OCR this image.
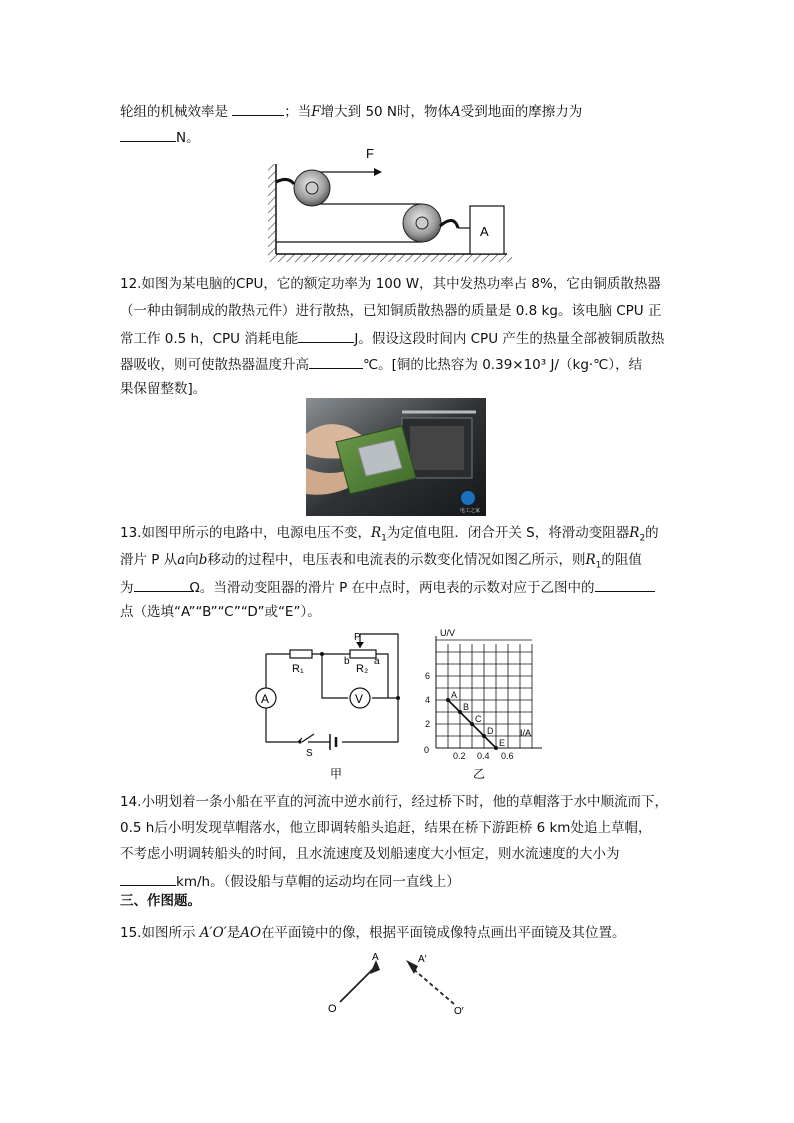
轮组的机械效率是	；当F增大到 50 N时，物体A受到地面的摩擦力为
N。
F
A
12.如图为某电脑的CPU，它的额定功率为 100 W，其中发热功率占 8%，它由铜质散热器
（一种由铜制成的散热元件）进行散热，已知铜质散热器的质量是 0.8 kg。该电脑 CPU 正
常工作 0.5 h，CPU 消耗电能	J。假设这段时间内 CPU 产生的热量全部被铜质散热
器吸收，则可使散热器温度升高	℃。[铜的比热容为 0.39×10³ J/（kg·℃），结
果保留整数]。
电工之家
13.如图甲所示的电路中，电源电压不变，$R_1$为定值电阻．闭合开关 S，将滑动变阻器$R_2$的
滑片 P 从a向b移动的过程中，电压表和电流表的示数变化情况如图乙所示，则$R_1$的阻值
为	Ω。当滑动变阻器的滑片 P 在中点时，两电表的示数对应于乙图中的
点（选填“A”“B”“C”“D”或“E”）。
A	V
R₁
P
R₂
b a
S
甲
0.2 0.4 0.6
2
4
6
A
B
C
D
E
U/V
I/A
0
乙
14.小明划着一条小船在平直的河流中逆水前行，经过桥下时，他的草帽落于水中顺流而下，
0.5 h后小明发现草帽落水，他立即调转船头追赶，结果在桥下游距桥 6 km处追上草帽，
不考虑小明调转船头的时间，且水流速度及划船速度大小恒定，则水流速度的大小为
km/h。（假设船与草帽的运动均在同一直线上）
三、作图题。
15.如图所示 A′O′是AO在平面镜中的像，根据平面镜成像特点画出平面镜及其位置。
O
A	A′
O′
